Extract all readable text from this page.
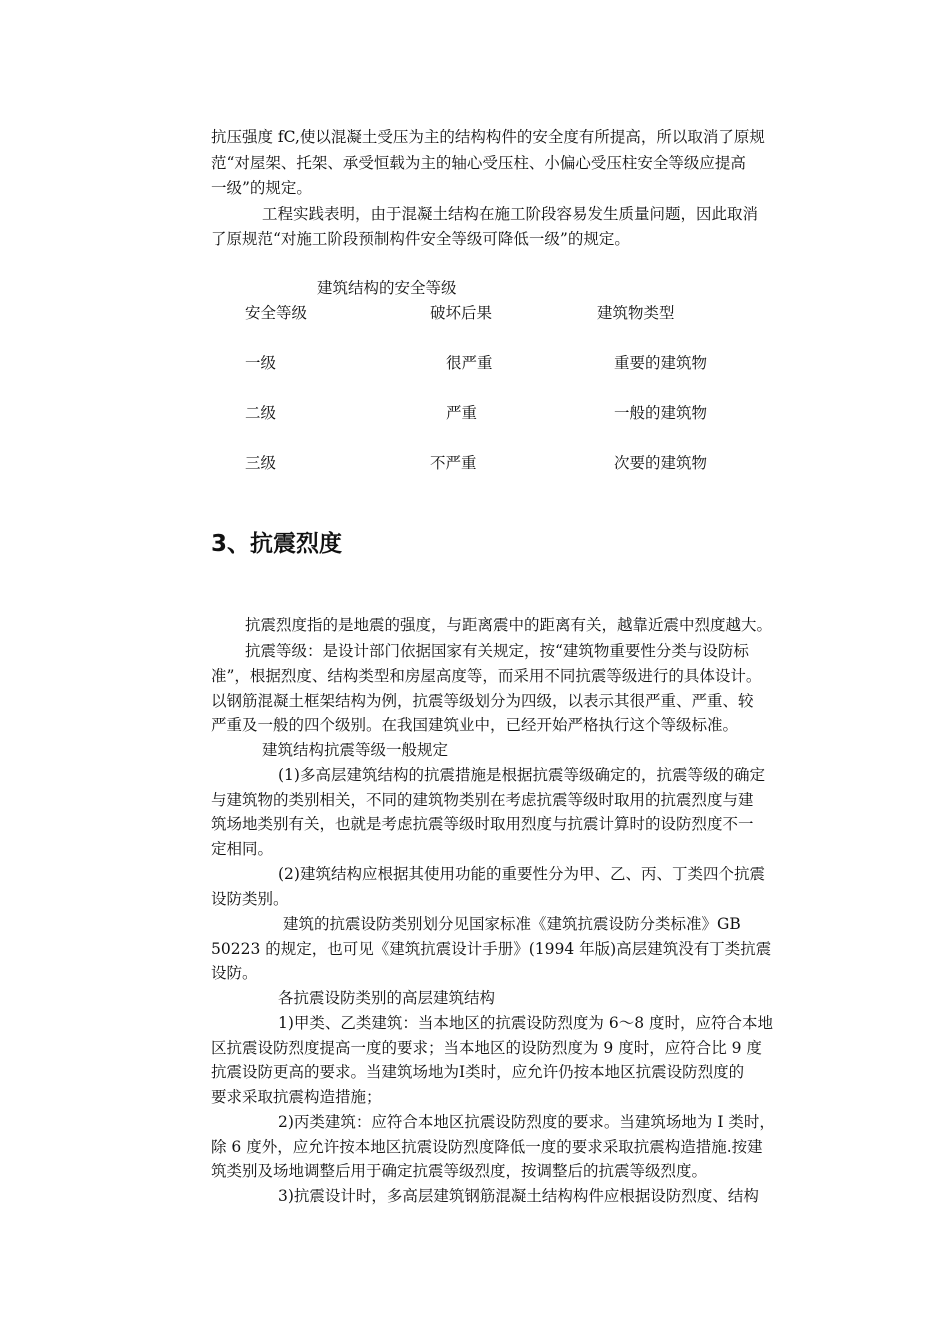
抗压强度 fC,使以混凝土受压为主的结构构件的安全度有所提高，所以取消了原规
范“对屋架、托架、承受恒载为主的轴心受压柱、小偏心受压柱安全等级应提高
一级”的规定。
工程实践表明，由于混凝土结构在施工阶段容易发生质量问题，因此取消
了原规范“对施工阶段预制构件安全等级可降低一级”的规定。
建筑结构的安全等级
安全等级	破坏后果	建筑物类型
一级	很严重	重要的建筑物
二级	严重	一般的建筑物
三级	不严重	次要的建筑物
3、抗震烈度
抗震烈度指的是地震的强度，与距离震中的距离有关，越靠近震中烈度越大。
抗震等级：是设计部门依据国家有关规定，按“建筑物重要性分类与设防标
准”，根据烈度、结构类型和房屋高度等，而采用不同抗震等级进行的具体设计。
以钢筋混凝土框架结构为例，抗震等级划分为四级，以表示其很严重、严重、较
严重及一般的四个级别。在我国建筑业中，已经开始严格执行这个等级标准。
建筑结构抗震等级一般规定
(1)多高层建筑结构的抗震措施是根据抗震等级确定的，抗震等级的确定
与建筑物的类别相关，不同的建筑物类别在考虑抗震等级时取用的抗震烈度与建
筑场地类别有关，也就是考虑抗震等级时取用烈度与抗震计算时的设防烈度不一
定相同。
(2)建筑结构应根据其使用功能的重要性分为甲、乙、丙、丁类四个抗震
设防类别。
建筑的抗震设防类别划分见国家标准《建筑抗震设防分类标准》GB
50223 的规定，也可见《建筑抗震设计手册》(1994 年版)高层建筑没有丁类抗震
设防。
各抗震设防类别的高层建筑结构
1)甲类、乙类建筑：当本地区的抗震设防烈度为 6～8 度时，应符合本地
区抗震设防烈度提高一度的要求；当本地区的设防烈度为 9 度时，应符合比 9 度
抗震设防更高的要求。当建筑场地为Ⅰ类时，应允许仍按本地区抗震设防烈度的
要求采取抗震构造措施；
2)丙类建筑：应符合本地区抗震设防烈度的要求。当建筑场地为 I 类时，
除 6 度外，应允许按本地区抗震设防烈度降低一度的要求采取抗震构造措施.按建
筑类别及场地调整后用于确定抗震等级烈度，按调整后的抗震等级烈度。
3)抗震设计时，多高层建筑钢筋混凝土结构构件应根据设防烈度、结构
